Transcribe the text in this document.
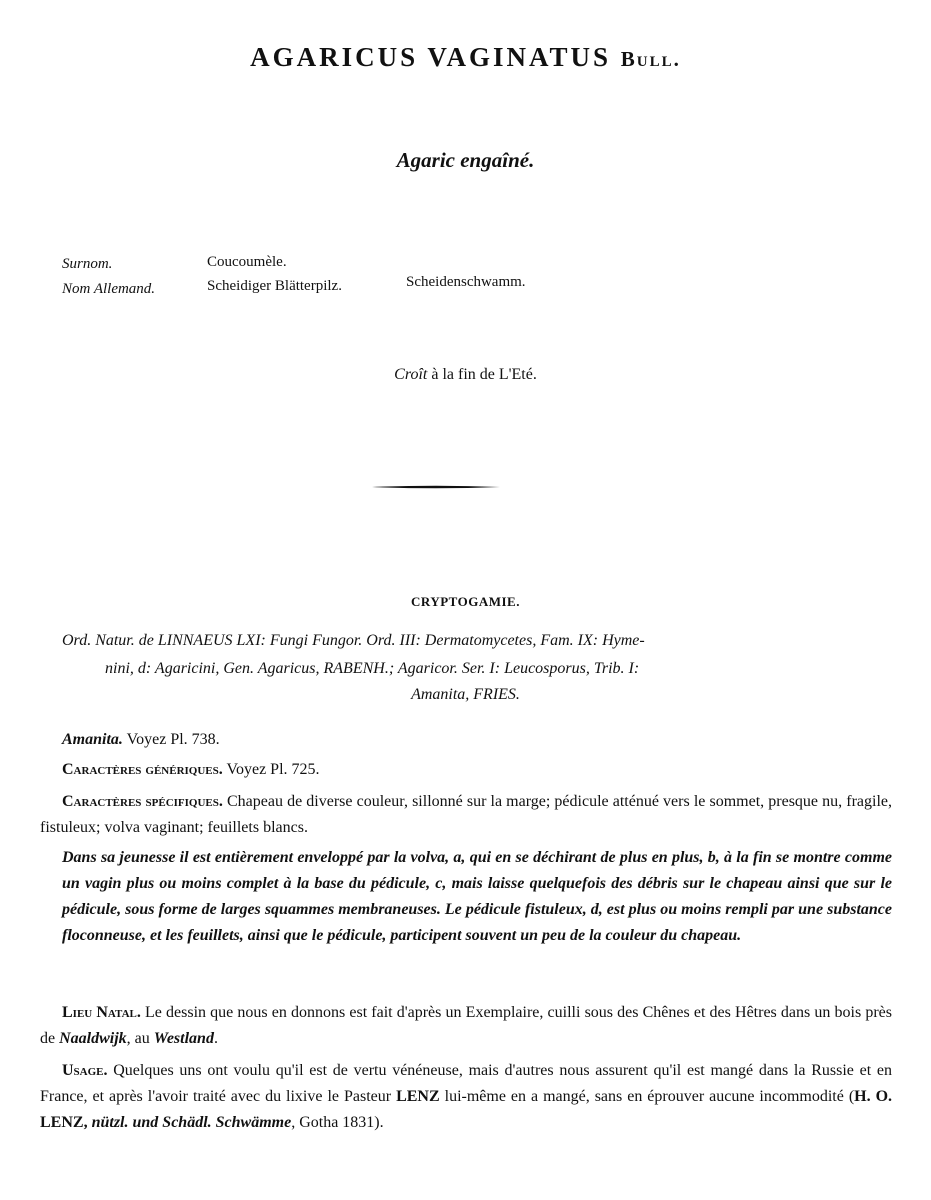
AGARICUS VAGINATUS Bull.
Agaric engaîné.
Surnom.	Coucoumèle.
Nom Allemand.	Scheidiger Blätterpilz.	Scheidenschwamm.
Croît à la fin de L'Eté.
CRYPTOGAMIE.
Ord. Natur. de LINNAEUS LXI: Fungi Fungor. Ord. III: Dermatomycetes, Fam. IX: Hyme-
nini, d: Agaricini, Gen. Agaricus, RABENH.; Agaricor. Ser. I: Leucosporus, Trib. I:
Amanita, FRIES.
Amanita. Voyez Pl. 738.
Caractères génériques. Voyez Pl. 725.
Caractères spécifiques. Chapeau de diverse couleur, sillonné sur la marge; pédicule atténué vers le sommet, presque nu, fragile, fistuleux; volva vaginant; feuillets blancs.
Dans sa jeunesse il est entièrement enveloppé par la volva, a, qui en se déchirant de plus en plus, b, à la fin se montre comme un vagin plus ou moins complet à la base du pédicule, c, mais laisse quelquefois des débris sur le chapeau ainsi que sur le pédicule, sous forme de larges squammes membraneuses. Le pédicule fistuleux, d, est plus ou moins rempli par une substance floconneuse, et les feuillets, ainsi que le pédicule, participent souvent un peu de la couleur du chapeau.
Lieu Natal. Le dessin que nous en donnons est fait d'après un Exemplaire, cuilli sous des Chênes et des Hêtres dans un bois près de Naaldwijk, au Westland.
Usage. Quelques uns ont voulu qu'il est de vertu vénéneuse, mais d'autres nous assurent qu'il est mangé dans la Russie et en France, et après l'avoir traité avec du lixive le Pasteur LENZ lui-même en a mangé, sans en éprouver aucune incommodité (H. O. LENZ, nützl. und Schädl. Schwämme, Gotha 1831).
